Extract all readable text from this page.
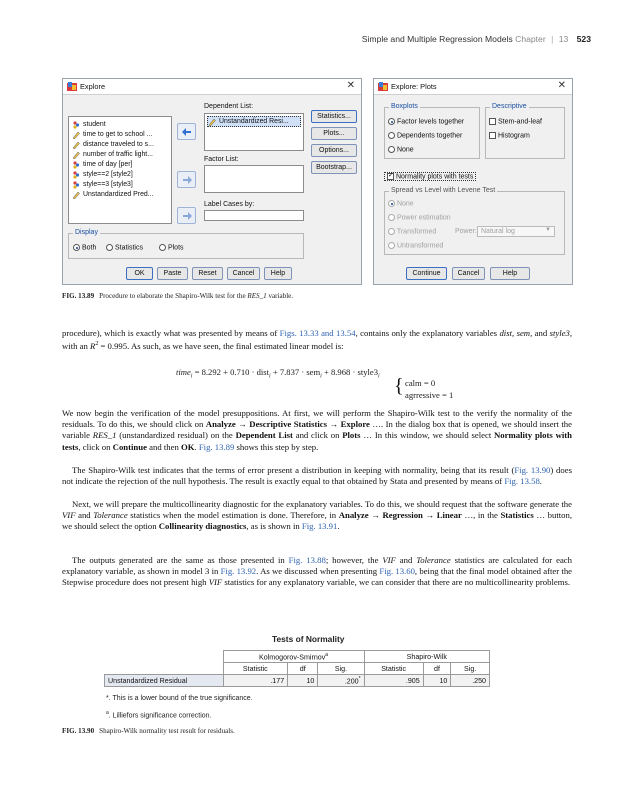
Simple and Multiple Regression Models Chapter | 13 523
Explore	✕
student
time to get to school ...
distance traveled to s...
number of traffic light...
time of day [per]
style==2 [style2]
style==3 [style3]
Unstandardized Pred...
Dependent List:
Unstandardized Resi...
Factor List:
Label Cases by:
Statistics...
Plots...
Options...
Bootstrap...
Display
Both	Statistics	Plots
OK	Paste	Reset	Cancel	Help
Explore: Plots	✕
Boxplots
Factor levels together
Dependents together
None
Descriptive
Stem-and-leaf
Histogram
✓ Normality plots with tests
Spread vs Level with Levene Test
None
Power estimation
Transformed	Power: Natural log	▼
Untransformed
Continue	Cancel	Help
FIG. 13.89 Procedure to elaborate the Shapiro-Wilk test for the RES_1 variable.

procedure), which is exactly what was presented by means of Figs. 13.33 and 13.54, contains only the explanatory variables dist, sem, and style3, with an $R^2 = 0.995$. As such, as we have seen, the final estimated linear model is:

time$_i$ = 8.292 + 0.710 · dist$_i$ + $7.837 \cdot sem_i + 8.968 \cdot style3_i$ { calm = 0
agrressive = 1

We now begin the verification of the model presuppositions. At first, we will perform the Shapiro-Wilk test to the verify the normality of the residuals. To do this, we should click on Analyze → Descriptive Statistics → Explore …. In the dialog box that is opened, we should insert the variable RES_1 (unstandardized residual) on the Dependent List and click on Plots … In this window, we should select Normality plots with tests, click on Continue and then OK. Fig. 13.89 shows this step by step.

The Shapiro-Wilk test indicates that the terms of error present a distribution in keeping with normality, being that its result (Fig. 13.90) does not indicate the rejection of the null hypothesis. The result is exactly equal to that obtained by Stata and presented by means of Fig. 13.58.

Next, we will prepare the multicollinearity diagnostic for the explanatory variables. To do this, we should request that the software generate the VIF and Tolerance statistics when the model estimation is done. Therefore, in Analyze → Regression → Linear …, in the Statistics … button, we should select the option Collinearity diagnostics, as is shown in Fig. 13.91.

The outputs generated are the same as those presented in Fig. 13.88; however, the VIF and Tolerance statistics are calculated for each explanatory variable, as shown in model 3 in Fig. 13.92. As we discussed when presenting Fig. 13.60, being that the final model obtained after the Stepwise procedure does not present high VIF statistics for any explanatory variable, we can consider that there are no multicollinearity problems.

Tests of Normality
	Kolmogorov-Smirnov$^a$			Shapiro-Wilk		
	Statistic	df	Sig.	Statistic	df	Sig.
Unstandardized Residual	.177	10	.200*	.905	10	.250
*. This is a lower bound of the true significance.
$^a$. Lilliefors significance correction.
FIG. 13.90 Shapiro-Wilk normality test result for residuals.
